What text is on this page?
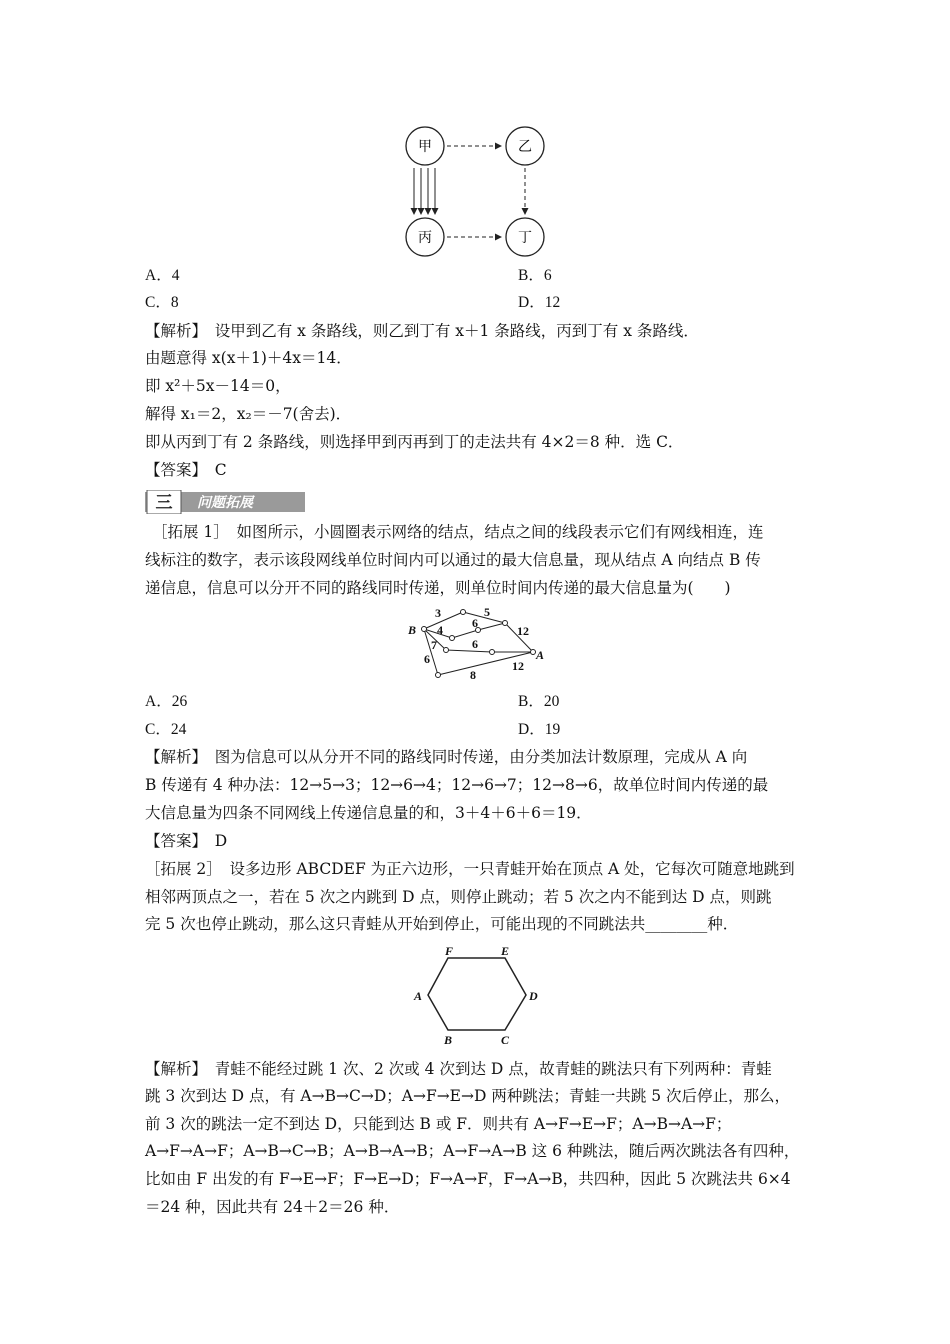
甲	乙
丙	丁
A．4	B．6
C．8	D．12
【解析】　设甲到乙有 x 条路线，则乙到丁有 x＋1 条路线，丙到丁有 x 条路线．
由题意得 x(x＋1)＋4x＝14．
即 x²＋5x－14＝0，
解得 x₁＝2，x₂＝－7(舍去)．
即从丙到丁有 2 条路线，则选择甲到丙再到丁的走法共有 4×2＝8 种．选 C．
【答案】　C
三 问题拓展
［拓展 1］　如图所示，小圆圈表示网络的结点，结点之间的线段表示它们有网线相连，连
线标注的数字，表示该段网线单位时间内可以通过的最大信息量，现从结点 A 向结点 B 传
递信息，信息可以分开不同的路线同时传递，则单位时间内传递的最大信息量为(　　)
B
A
3	5
4 6
12
7	6
6	12
8
A．26	B．20
C．24	D．19
【解析】　图为信息可以从分开不同的路线同时传递，由分类加法计数原理，完成从 A 向
B 传递有 4 种办法：12→5→3；12→6→4；12→6→7；12→8→6，故单位时间内传递的最
大信息量为四条不同网线上传递信息量的和，3＋4＋6＋6＝19．
【答案】　D
［拓展 2］　设多边形 ABCDEF 为正六边形，一只青蛙开始在顶点 A 处，它每次可随意地跳到
相邻两顶点之一，若在 5 次之内跳到 D 点，则停止跳动；若 5 次之内不能到达 D 点，则跳
完 5 次也停止跳动，那么这只青蛙从开始到停止，可能出现的不同跳法共________种．
F	E
A	D
B	C
【解析】　青蛙不能经过跳 1 次、2 次或 4 次到达 D 点，故青蛙的跳法只有下列两种：青蛙
跳 3 次到达 D 点，有 A→B→C→D；A→F→E→D 两种跳法；青蛙一共跳 5 次后停止，那么，
前 3 次的跳法一定不到达 D，只能到达 B 或 F．则共有 A→F→E→F；A→B→A→F；
A→F→A→F；A→B→C→B；A→B→A→B；A→F→A→B 这 6 种跳法，随后两次跳法各有四种，
比如由 F 出发的有 F→E→F；F→E→D；F→A→F，F→A→B，共四种，因此 5 次跳法共 6×4
＝24 种，因此共有 24＋2＝26 种．
